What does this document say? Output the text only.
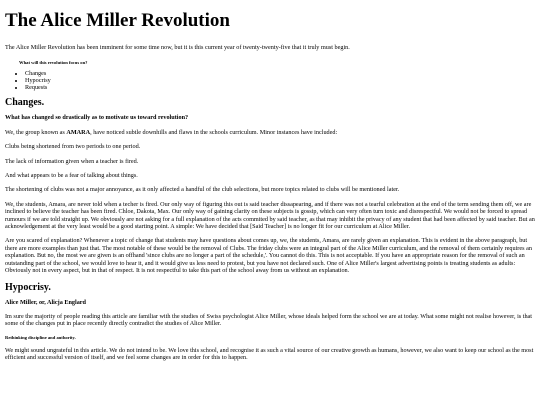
The Alice Miller Revolution

The Alice Miller Revolution has been imminent for some time now, but it is this current year of twenty-twenty-five that it truly must begin.

What will this revolution focus on?
• Changes
• Hypocrisy
• Requests
Changes.
What has changed so drastically as to motivate us toward revolution?

We, the group known as AMARA, have noticed subtle downhills and flaws in the schools curriculum. Minor instances have included:

Clubs being shortened from two periods to one period.

The lack of information given when a teacher is fired.

And what appears to be a fear of talking about things.

The shortening of clubs was not a major annoyance, as it only affected a handful of the club selections, but more topics related to clubs will be mentioned later.

We, the students, Amara, are never told when a techer is fired. Our only way of figuring this out is said teacher dissapearing, and if there was not a tearful celebration at the end of the term sending them off, we are inclined to believe the teacher has been fired. Chloe, Dakota, Max. Our only way of gaining clarity on these subjects is gossip, which can very often turn toxic and disrespectful. We would not be forced to spread rumours if we are told straight up. We obviously are not asking for a full explanation of the acts commited by said teacher, as that may inhibit the privacy of any student that had been affected by said teacher. But an acknowledgement at the very least would be a good starting point. A simple: We have decided that [Said Teacher] is no longer fit for our curriculum at Alice Miller.

Are you scared of explanation? Whenever a topic of change that students may have questions about comes up, we, the students, Amara, are rarely given an explanation. This is evident in the above paragraph, but there are more examples than just that. The most notable of these would be the removal of Clubs. The friday clubs were an integral part of the Alice Miller curriculum, and the removal of them certainly requires an explanation. But no, the most we are given is an offhand 'since clubs are no longer a part of the schedule,'. You cannot do this. This is not acceptable. If you have an appropriate reason for the removal of such an outstanding part of the school, we would love to hear it, and it would give us less need to protest, but you have not declared such. One of Alice Miller's largest advertising points is treating students as adults: Obviously not in every aspect, but in that of respect. It is not respectful to take this part of the school away from us without an explanation.

Hypocrisy.
Alice Miller, or, Alicja Englard

Im sure the majority of people reading this article are familiar with the studies of Swiss psychologist Alice Miller, whose ideals helped form the school we are at today. What some might not realise however, is that some of the changes put in place recently directly contradict the studies of Alice Miller.

Rethinking discipline and authority.

We might sound ungrateful in this article. We do not intend to be. We love this school, and recognise it as such a vital source of our creative growth as humans, however, we also want to keep our school as the most efficient and successful version of itself, and we feel some changes are in order for this to happen.
